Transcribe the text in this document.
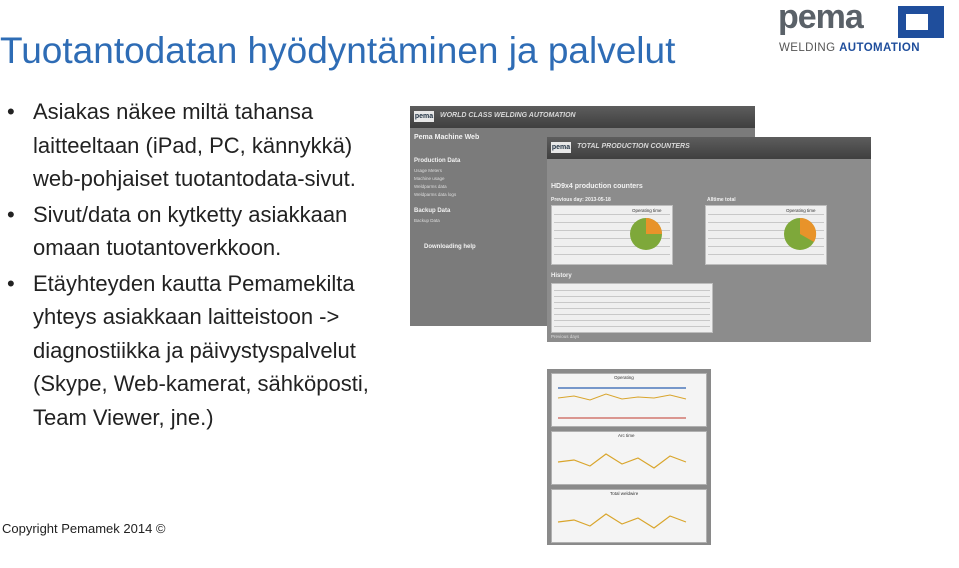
Tuotantodatan hyödyntäminen ja palvelut
pema
WELDING AUTOMATION
• Asiakas näkee miltä tahansa laitteeltaan (iPad, PC, kännykkä) web-pohjaiset tuotantodata-sivut.
• Sivut/data on kytketty asiakkaan omaan tuotantoverkkoon.
• Etäyhteyden kautta Pemamekilta yhteys asiakkaan laitteistoon -> diagnostiikka ja päivystyspalvelut (Skype, Web-kamerat, sähköposti, Team Viewer, jne.)
Copyright Pemamek 2014 ©
pema WORLD CLASS WELDING AUTOMATION
Pema Machine Web
Production Data
Usage Meters
Machine usage
Weldparms data
Weldparms data logs
Backup Data
Backup Data
Downloading help
pema TOTAL PRODUCTION COUNTERS
HD9x4 production counters
Previous day: 2013-05-18	Alltime total
Operating time	Operating time
History
Previous days
Operating
Arc time
Total weldwire
